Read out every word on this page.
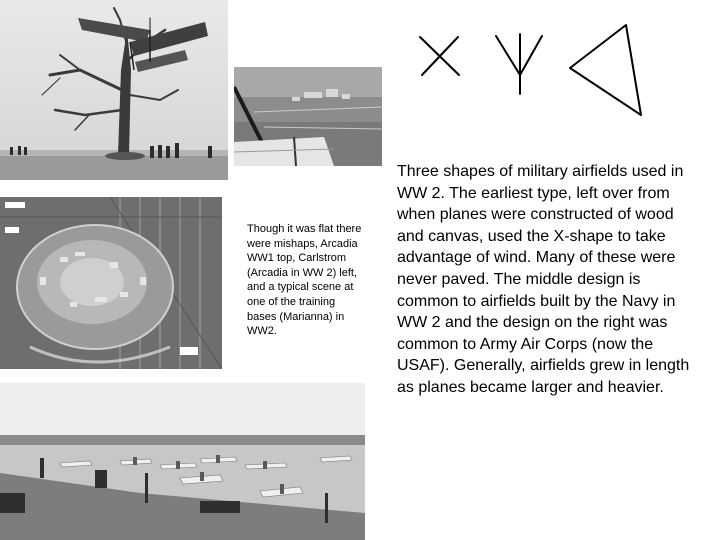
Though it was flat there were mishaps, Arcadia WW1 top, Carlstrom (Arcadia in WW 2) left, and a typical scene at one of the training bases (Marianna) in WW2.
Three shapes of military airfields used in WW 2. The earliest type, left over from when planes were constructed of wood and canvas, used the X-shape to take advantage of wind. Many of these were never paved. The middle design is common to airfields built by the Navy in WW 2 and the design on the right was common to Army Air Corps (now the USAF). Generally, airfields grew in length as planes became larger and heavier.
